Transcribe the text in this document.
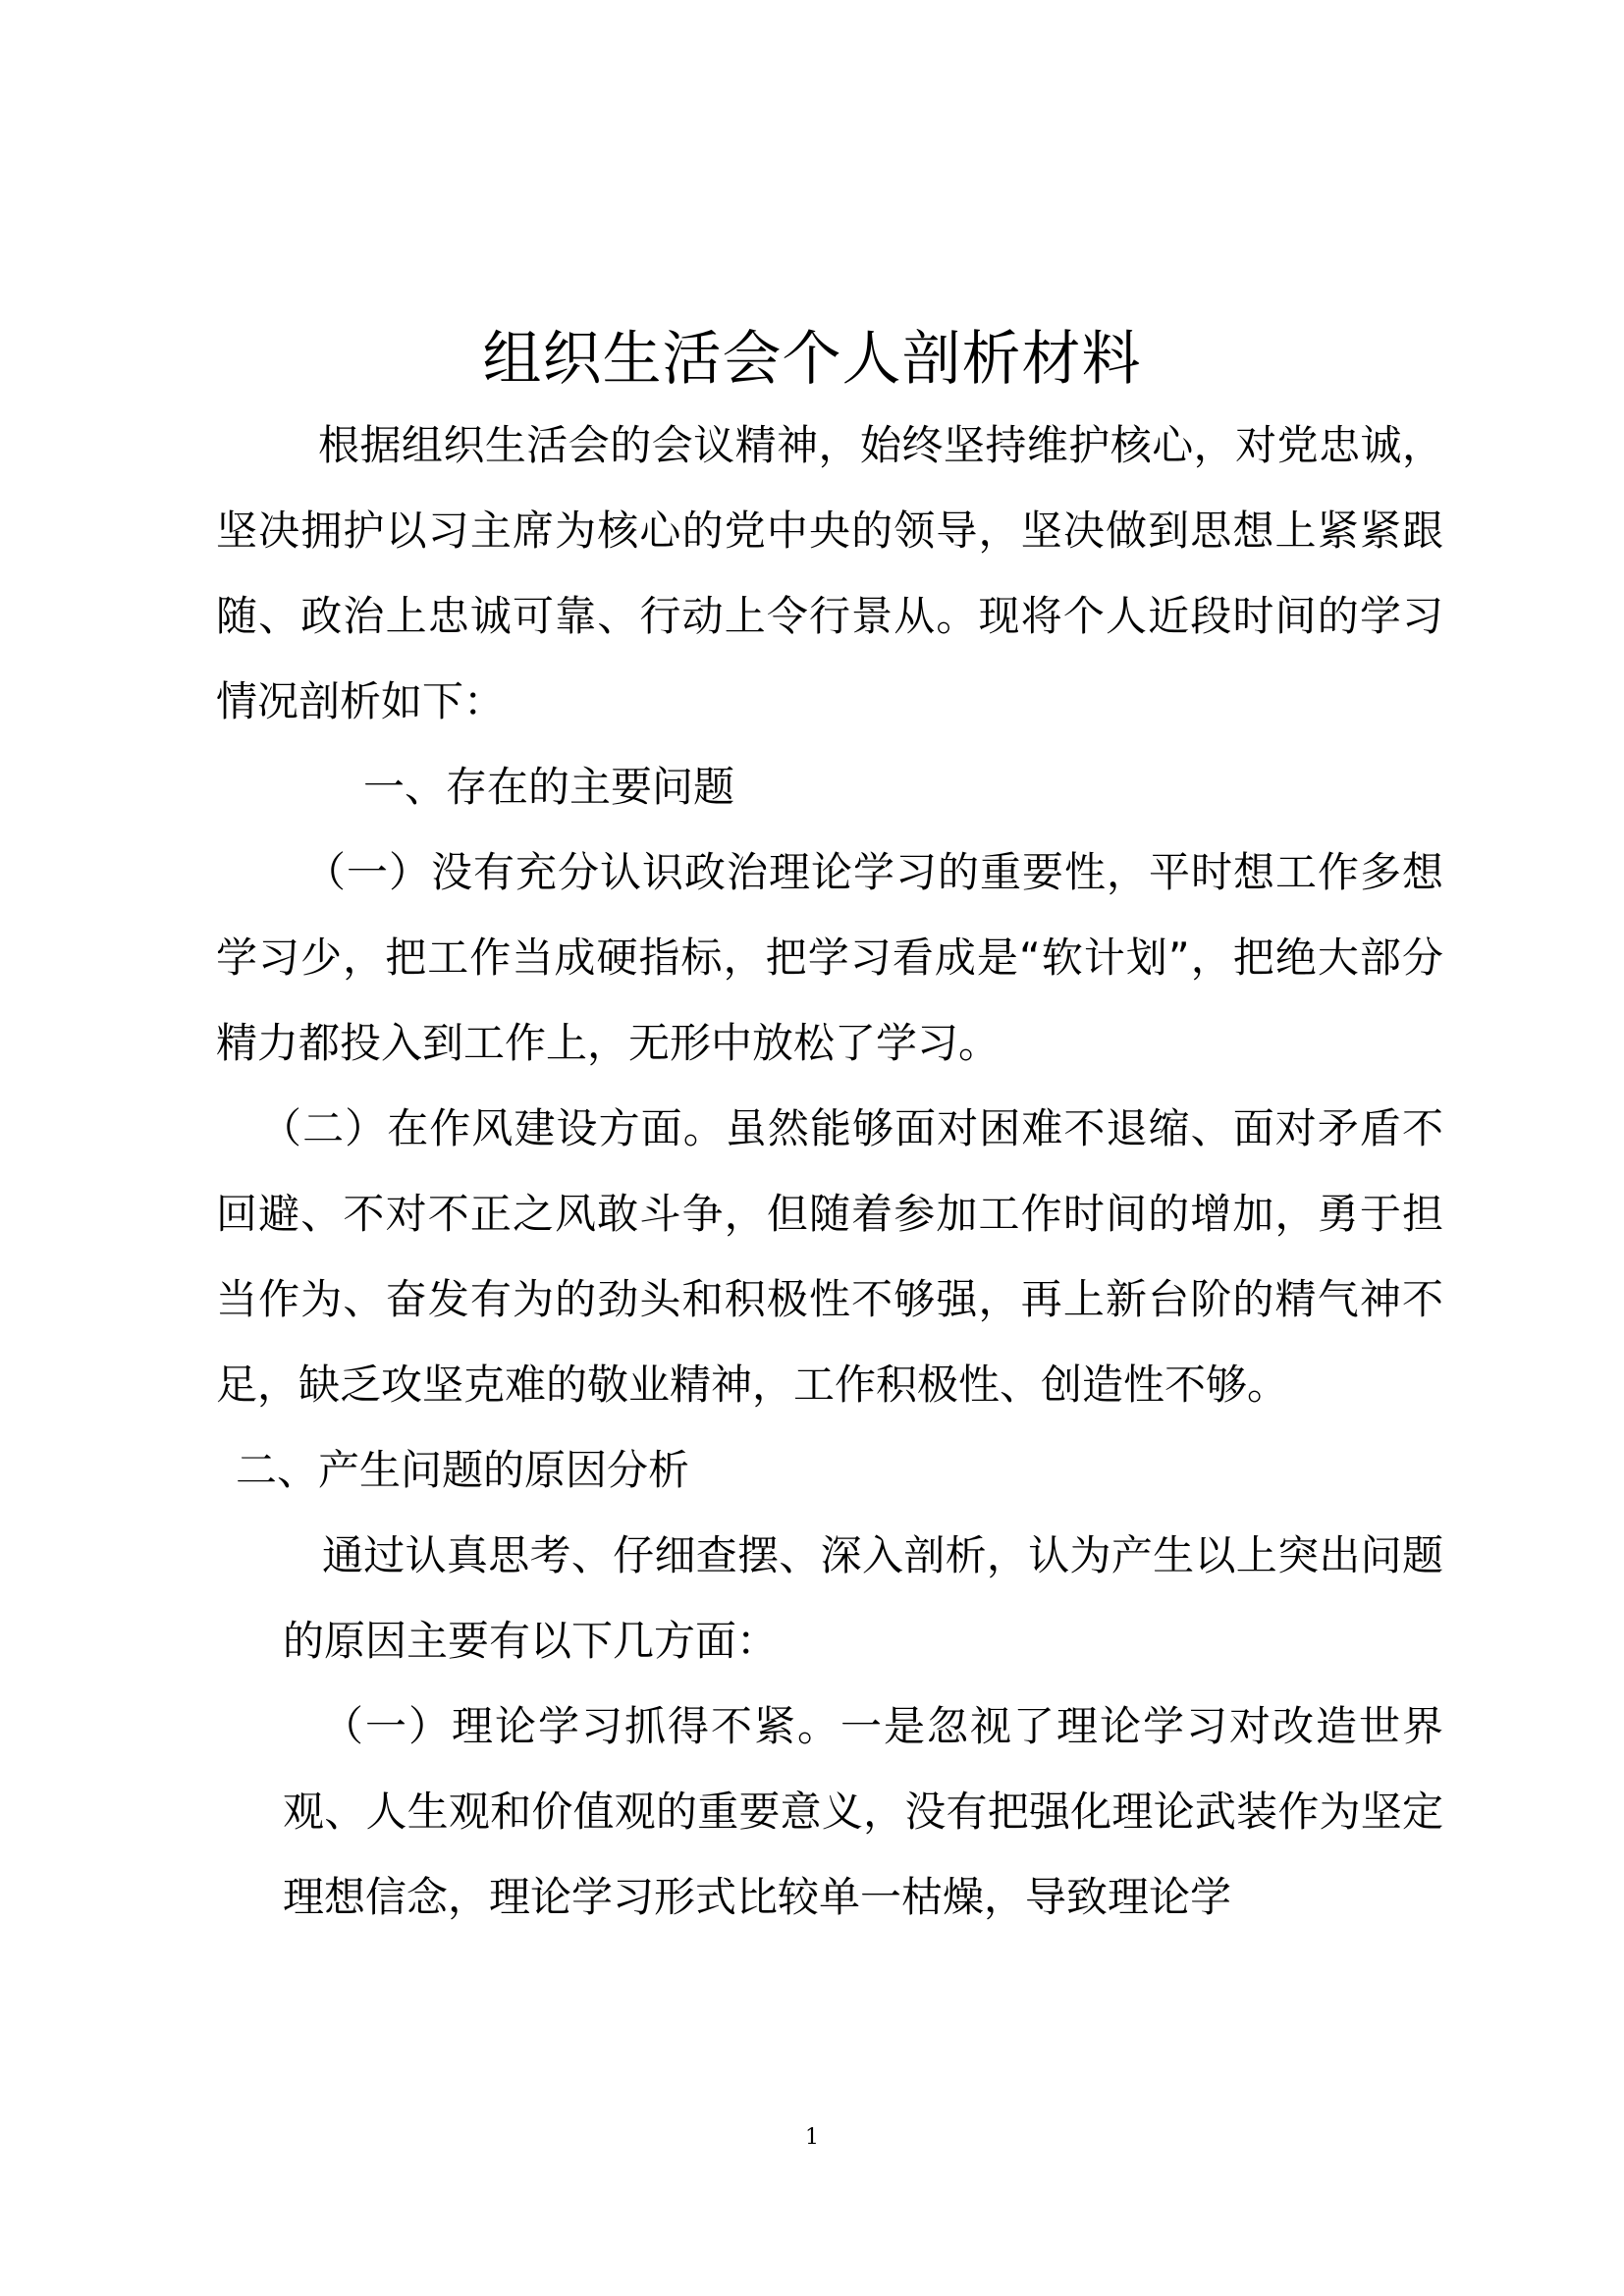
组织生活会个人剖析材料

根据组织生活会的会议精神，始终坚持维护核心，对党忠诚，坚决拥护以习主席为核心的党中央的领导，坚决做到思想上紧紧跟随、政治上忠诚可靠、行动上令行景从。现将个人近段时间的学习情况剖析如下：

一、存在的主要问题

（一）没有充分认识政治理论学习的重要性，平时想工作多想学习少，把工作当成硬指标，把学习看成是“软计划”，把绝大部分精力都投入到工作上，无形中放松了学习。

（二）在作风建设方面。虽然能够面对困难不退缩、面对矛盾不回避、不对不正之风敢斗争，但随着参加工作时间的增加，勇于担当作为、奋发有为的劲头和积极性不够强，再上新台阶的精气神不足，缺乏攻坚克难的敬业精神，工作积极性、创造性不够。

二、产生问题的原因分析

通过认真思考、仔细查摆、深入剖析，认为产生以上突出问题的原因主要有以下几方面：

（一）理论学习抓得不紧。一是忽视了理论学习对改造世界观、人生观和价值观的重要意义，没有把强化理论武装作为坚定理想信念，理论学习形式比较单一枯燥，导致理论学

1
